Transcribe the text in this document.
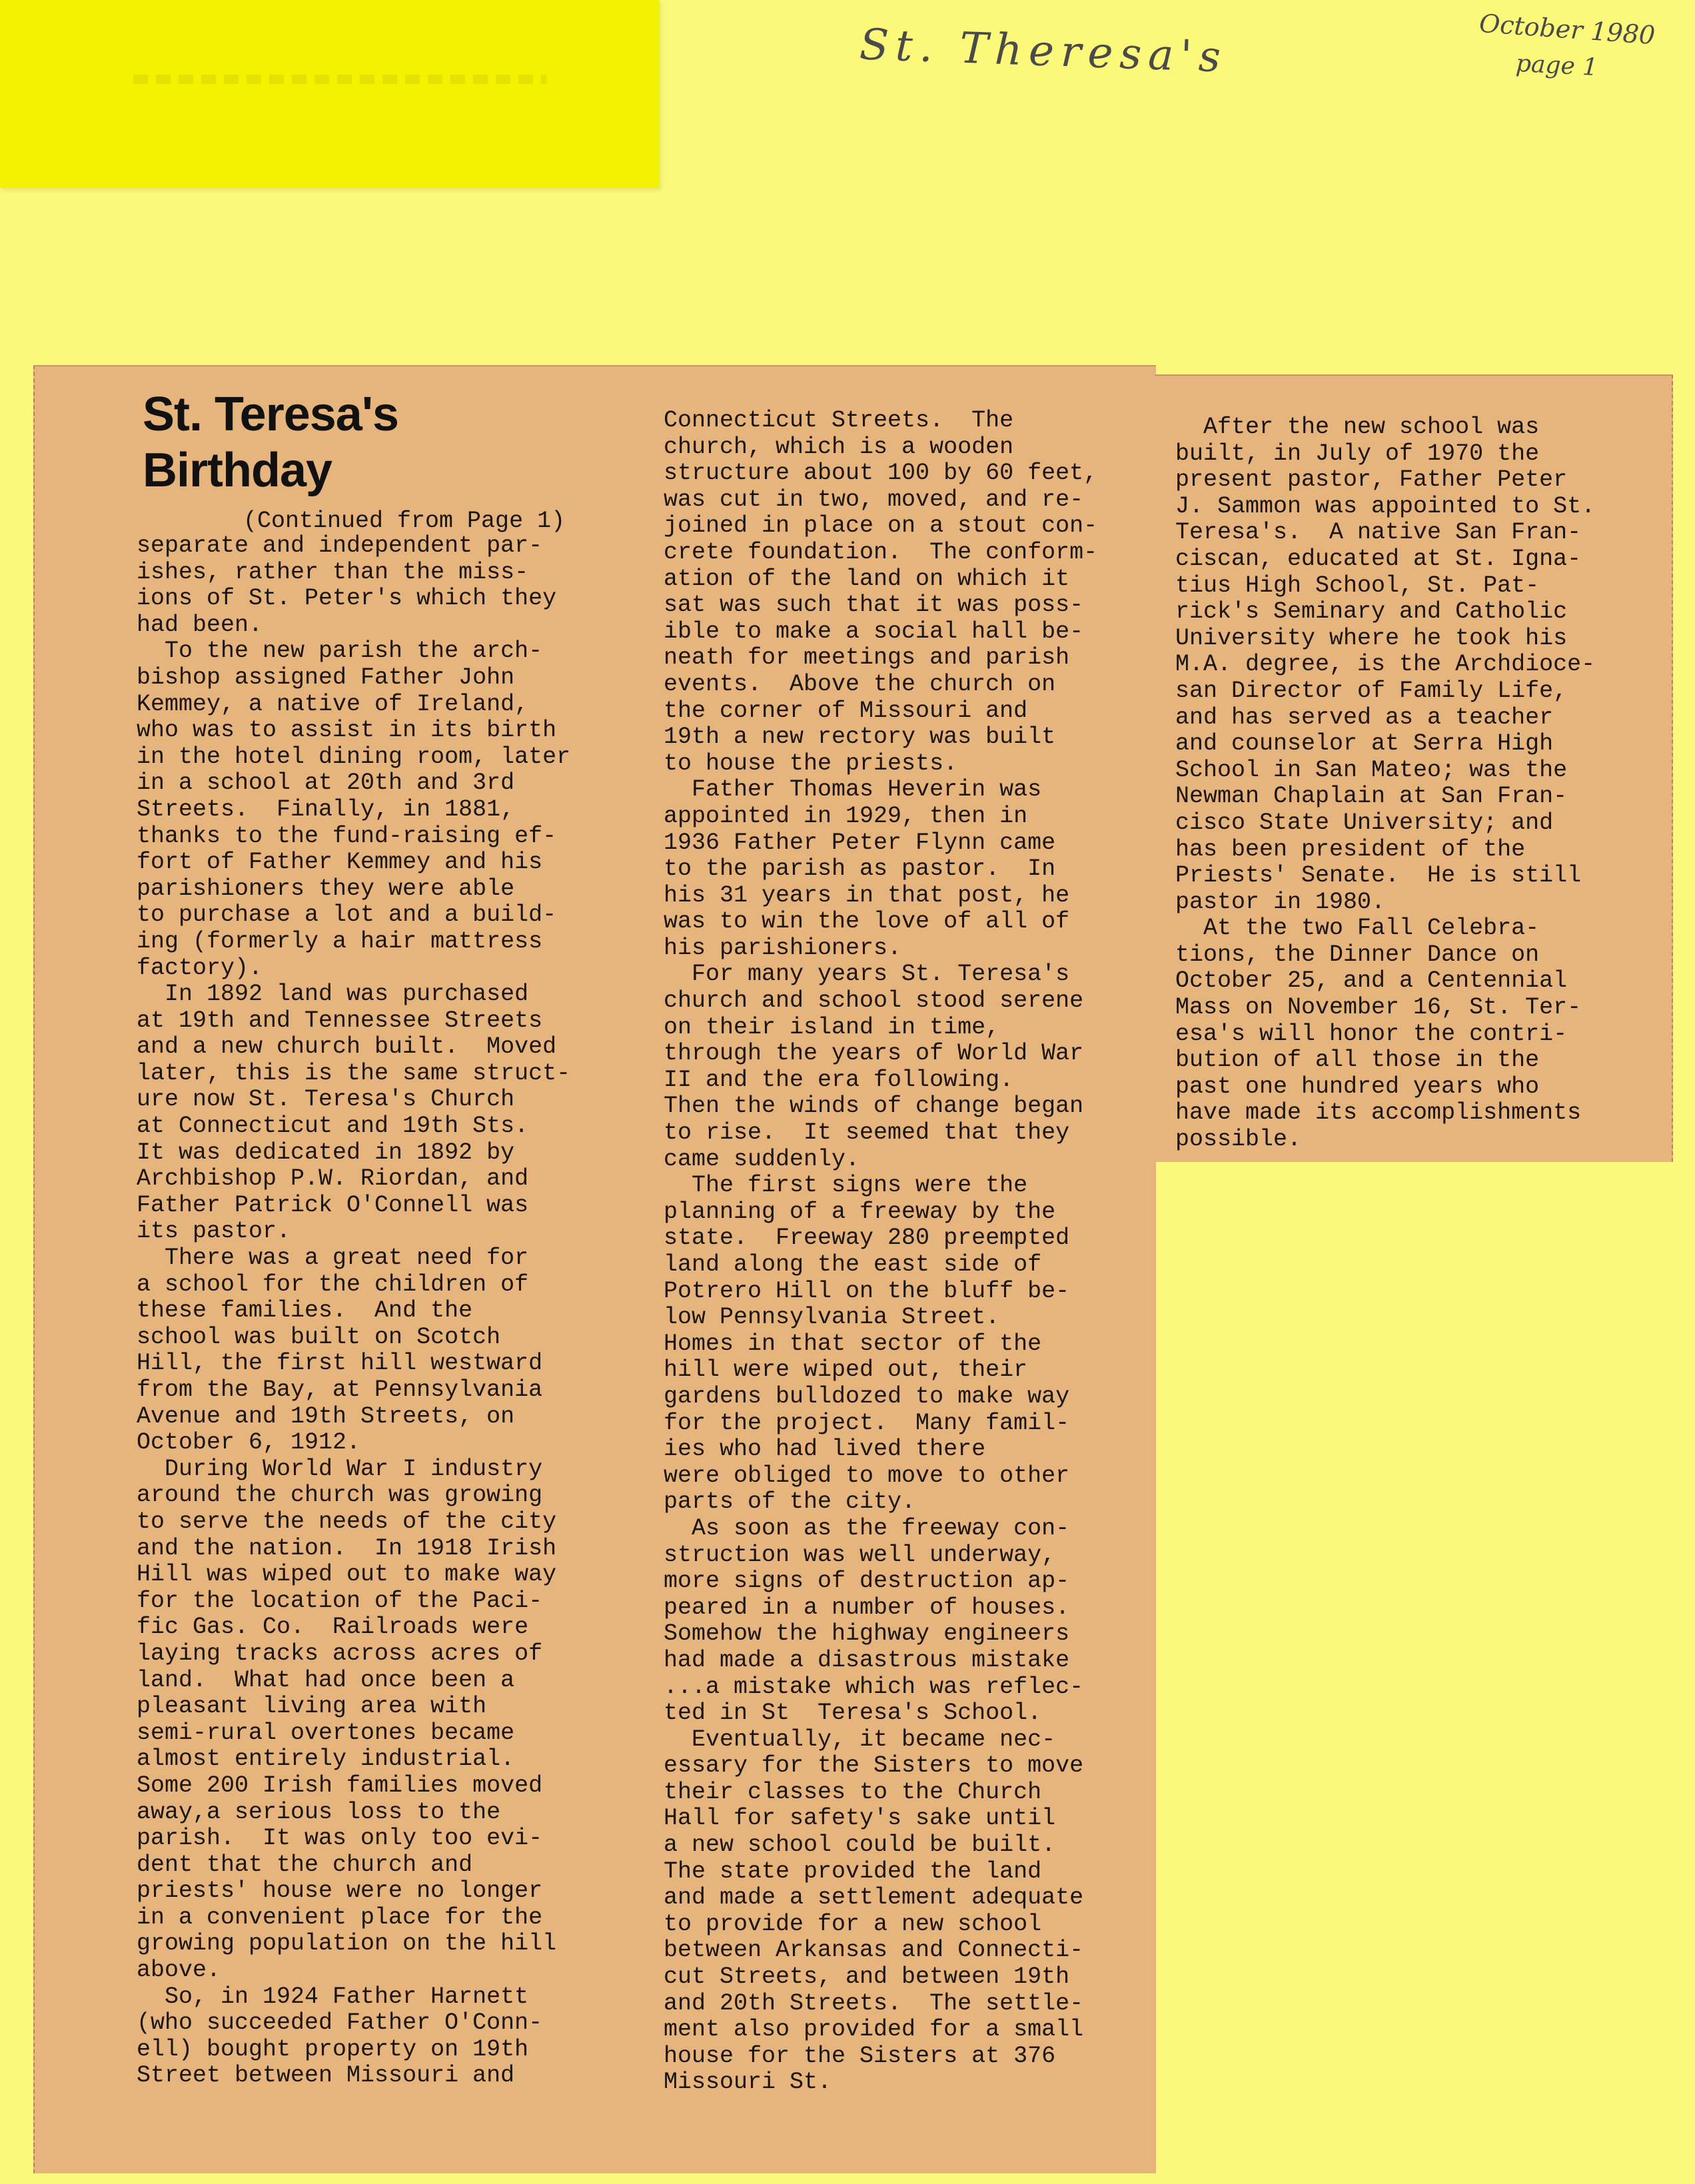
St. Theresa's	October 1980
page 1
St. Teresa's
Birthday
(Continued from Page 1)
separate and independent par-
ishes, rather than the miss-
ions of St. Peter's which they
had been.
To the new parish the arch-
bishop assigned Father John
Kemmey, a native of Ireland,
who was to assist in its birth
in the hotel dining room, later
in a school at 20th and 3rd
Streets.  Finally, in 1881,
thanks to the fund-raising ef-
fort of Father Kemmey and his
parishioners they were able
to purchase a lot and a build-
ing (formerly a hair mattress
factory).
In 1892 land was purchased
at 19th and Tennessee Streets
and a new church built.  Moved
later, this is the same struct-
ure now St. Teresa's Church
at Connecticut and 19th Sts.
It was dedicated in 1892 by
Archbishop P.W. Riordan, and
Father Patrick O'Connell was
its pastor.
There was a great need for
a school for the children of
these families.  And the
school was built on Scotch
Hill, the first hill westward
from the Bay, at Pennsylvania
Avenue and 19th Streets, on
October 6, 1912.
During World War I industry
around the church was growing
to serve the needs of the city
and the nation.  In 1918 Irish
Hill was wiped out to make way
for the location of the Paci-
fic Gas. Co.  Railroads were
laying tracks across acres of
land.  What had once been a
pleasant living area with
semi-rural overtones became
almost entirely industrial.
Some 200 Irish families moved
away,a serious loss to the
parish.  It was only too evi-
dent that the church and
priests' house were no longer
in a convenient place for the
growing population on the hill
above.
So, in 1924 Father Harnett
(who succeeded Father O'Conn-
ell) bought property on 19th
Street between Missouri and
Connecticut Streets.  The
church, which is a wooden
structure about 100 by 60 feet,
was cut in two, moved, and re-
joined in place on a stout con-
crete foundation.  The conform-
ation of the land on which it
sat was such that it was poss-
ible to make a social hall be-
neath for meetings and parish
events.  Above the church on
the corner of Missouri and
19th a new rectory was built
to house the priests.
Father Thomas Heverin was
appointed in 1929, then in
1936 Father Peter Flynn came
to the parish as pastor.  In
his 31 years in that post, he
was to win the love of all of
his parishioners.
For many years St. Teresa's
church and school stood serene
on their island in time,
through the years of World War
II and the era following.
Then the winds of change began
to rise.  It seemed that they
came suddenly.
The first signs were the
planning of a freeway by the
state.  Freeway 280 preempted
land along the east side of
Potrero Hill on the bluff be-
low Pennsylvania Street.
Homes in that sector of the
hill were wiped out, their
gardens bulldozed to make way
for the project.  Many famil-
ies who had lived there
were obliged to move to other
parts of the city.
As soon as the freeway con-
struction was well underway,
more signs of destruction ap-
peared in a number of houses.
Somehow the highway engineers
had made a disastrous mistake
...a mistake which was reflec-
ted in St  Teresa's School.
Eventually, it became nec-
essary for the Sisters to move
their classes to the Church
Hall for safety's sake until
a new school could be built.
The state provided the land
and made a settlement adequate
to provide for a new school
between Arkansas and Connecti-
cut Streets, and between 19th
and 20th Streets.  The settle-
ment also provided for a small
house for the Sisters at 376
Missouri St.
After the new school was
built, in July of 1970 the
present pastor, Father Peter
J. Sammon was appointed to St.
Teresa's.  A native San Fran-
ciscan, educated at St. Igna-
tius High School, St. Pat-
rick's Seminary and Catholic
University where he took his
M.A. degree, is the Archdioce-
san Director of Family Life,
and has served as a teacher
and counselor at Serra High
School in San Mateo; was the
Newman Chaplain at San Fran-
cisco State University; and
has been president of the
Priests' Senate.  He is still
pastor in 1980.
At the two Fall Celebra-
tions, the Dinner Dance on
October 25, and a Centennial
Mass on November 16, St. Ter-
esa's will honor the contri-
bution of all those in the
past one hundred years who
have made its accomplishments
possible.
